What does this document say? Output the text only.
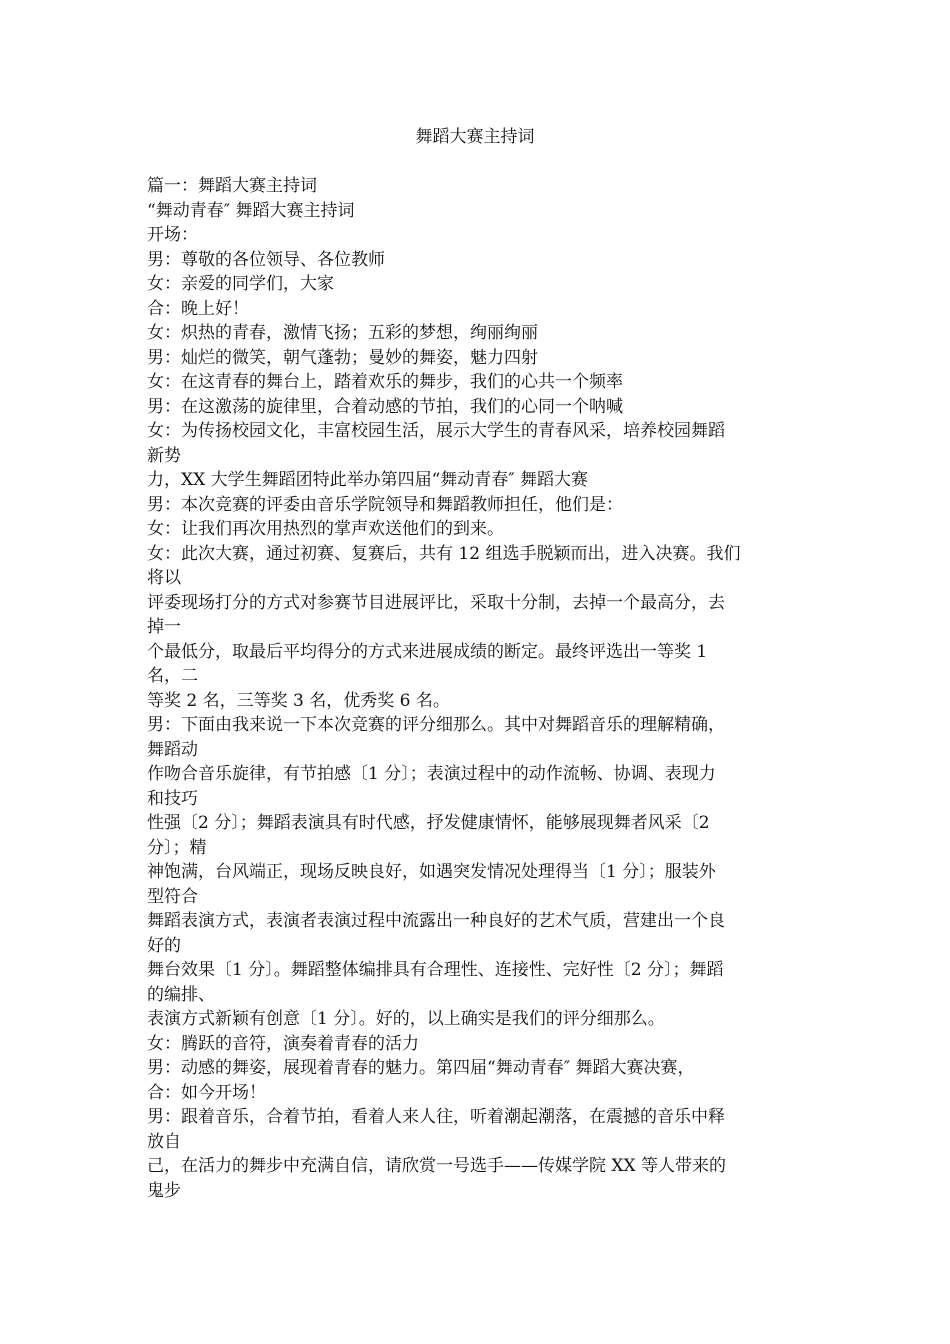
舞蹈大赛主持词
篇一：舞蹈大赛主持词
“舞动青春″ 舞蹈大赛主持词
开场：
男：尊敬的各位领导、各位教师
女：亲爱的同学们，大家
合：晚上好！
女：炽热的青春，激情飞扬；五彩的梦想，绚丽绚丽
男：灿烂的微笑，朝气蓬勃；曼妙的舞姿，魅力四射
女：在这青春的舞台上，踏着欢乐的舞步，我们的心共一个频率
男：在这激荡的旋律里，合着动感的节拍，我们的心同一个呐喊
女：为传扬校园文化，丰富校园生活，展示大学生的青春风采，培养校园舞蹈
新势
力，XX 大学生舞蹈团特此举办第四届“舞动青春″ 舞蹈大赛
男：本次竞赛的评委由音乐学院领导和舞蹈教师担任，他们是：
女：让我们再次用热烈的掌声欢送他们的到来。
女：此次大赛，通过初赛、复赛后，共有 12 组选手脱颖而出，进入决赛。我们
将以
评委现场打分的方式对参赛节目进展评比，采取十分制，去掉一个最高分，去
掉一
个最低分，取最后平均得分的方式来进展成绩的断定。最终评选出一等奖 1
名，二
等奖 2 名，三等奖 3 名，优秀奖 6 名。
男：下面由我来说一下本次竞赛的评分细那么。其中对舞蹈音乐的理解精确，
舞蹈动
作吻合音乐旋律，有节拍感〔1 分〕；表演过程中的动作流畅、协调、表现力
和技巧
性强〔2 分〕；舞蹈表演具有时代感，抒发健康情怀，能够展现舞者风采〔2
分〕；精
神饱满，台风端正，现场反映良好，如遇突发情况处理得当〔1 分〕；服装外
型符合
舞蹈表演方式，表演者表演过程中流露出一种良好的艺术气质，营建出一个良
好的
舞台效果〔1 分〕。舞蹈整体编排具有合理性、连接性、完好性〔2 分〕；舞蹈
的编排、
表演方式新颖有创意〔1 分〕。好的，以上确实是我们的评分细那么。
女：腾跃的音符，演奏着青春的活力
男：动感的舞姿，展现着青春的魅力。第四届“舞动青春″ 舞蹈大赛决赛，
合：如今开场！
男：跟着音乐，合着节拍，看着人来人往，听着潮起潮落，在震撼的音乐中释
放自
己，在活力的舞步中充满自信，请欣赏一号选手——传媒学院 XX 等人带来的
鬼步
